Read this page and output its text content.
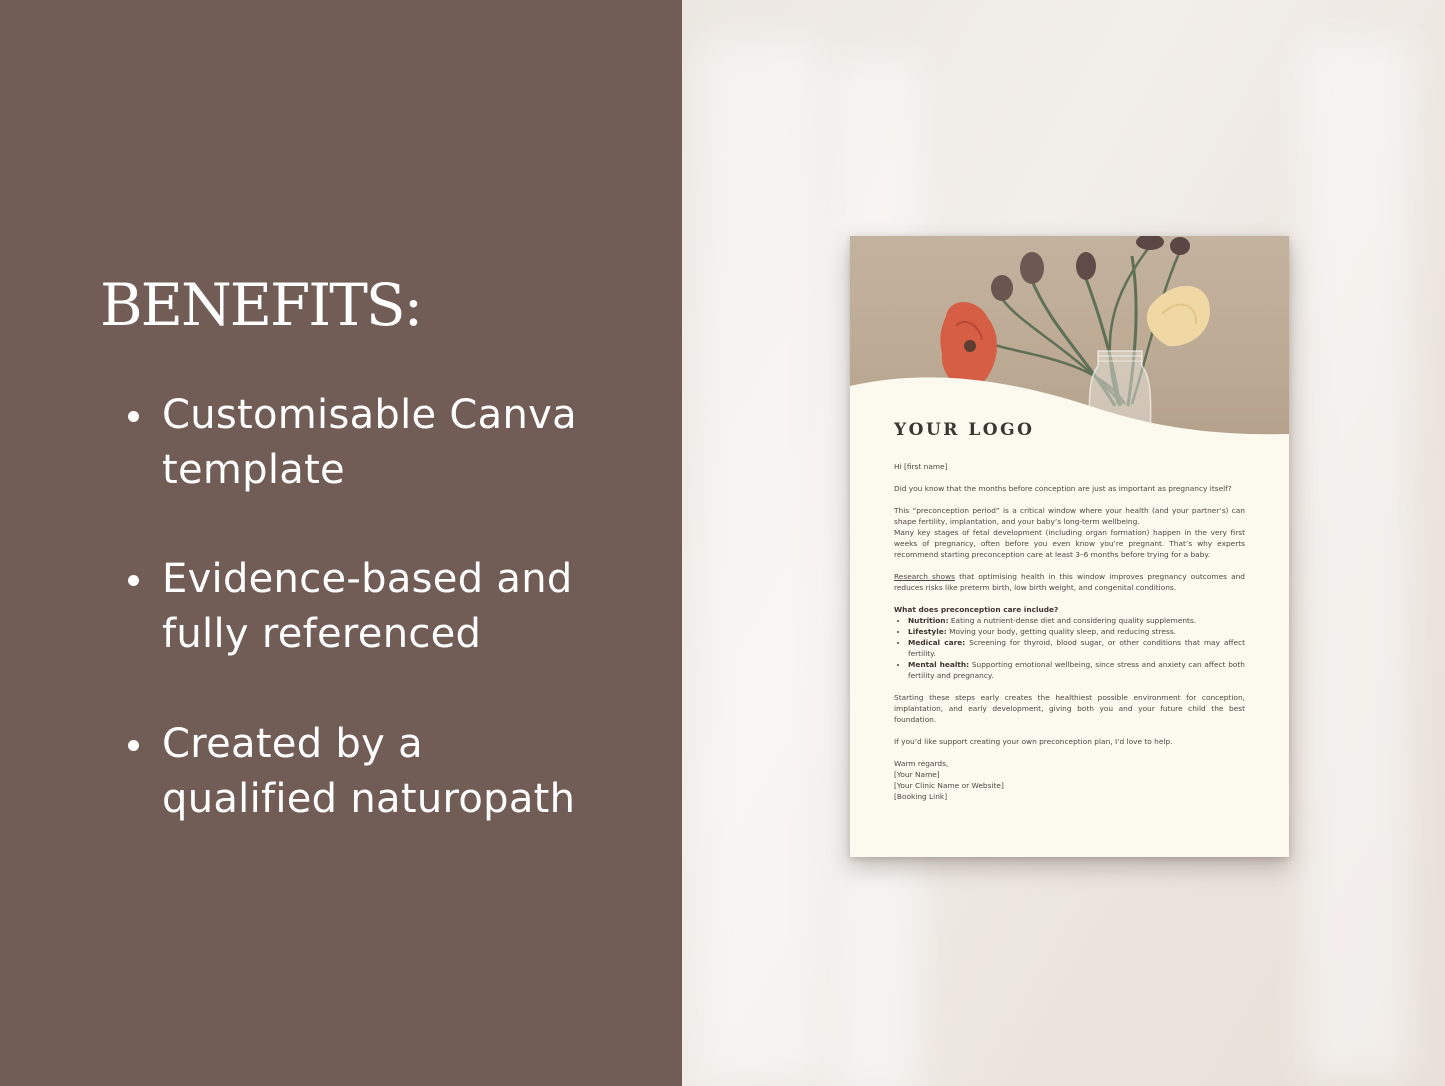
BENEFITS:
Customisable Canva template
Evidence-based and fully referenced
Created by a qualified naturopath
YOUR LOGO

Hi [first name]

Did you know that the months before conception are just as important as pregnancy itself?

This “preconception period” is a critical window where your health (and your partner’s) can shape fertility, implantation, and your baby’s long-term wellbeing.

Many key stages of fetal development (including organ formation) happen in the very first weeks of pregnancy, often before you even know you’re pregnant. That’s why experts recommend starting preconception care at least 3–6 months before trying for a baby.

Research shows that optimising health in this window improves pregnancy outcomes and reduces risks like preterm birth, low birth weight, and congenital conditions.

What does preconception care include?

• Nutrition: Eating a nutrient-dense diet and considering quality supplements.
• Lifestyle: Moving your body, getting quality sleep, and reducing stress.
• Medical care: Screening for thyroid, blood sugar, or other conditions that may affect fertility.
• Mental health: Supporting emotional wellbeing, since stress and anxiety can affect both fertility and pregnancy.

Starting these steps early creates the healthiest possible environment for conception, implantation, and early development, giving both you and your future child the best foundation.

If you’d like support creating your own preconception plan, I’d love to help.

Warm regards,

[Your Name]

[Your Clinic Name or Website]

[Booking Link]
